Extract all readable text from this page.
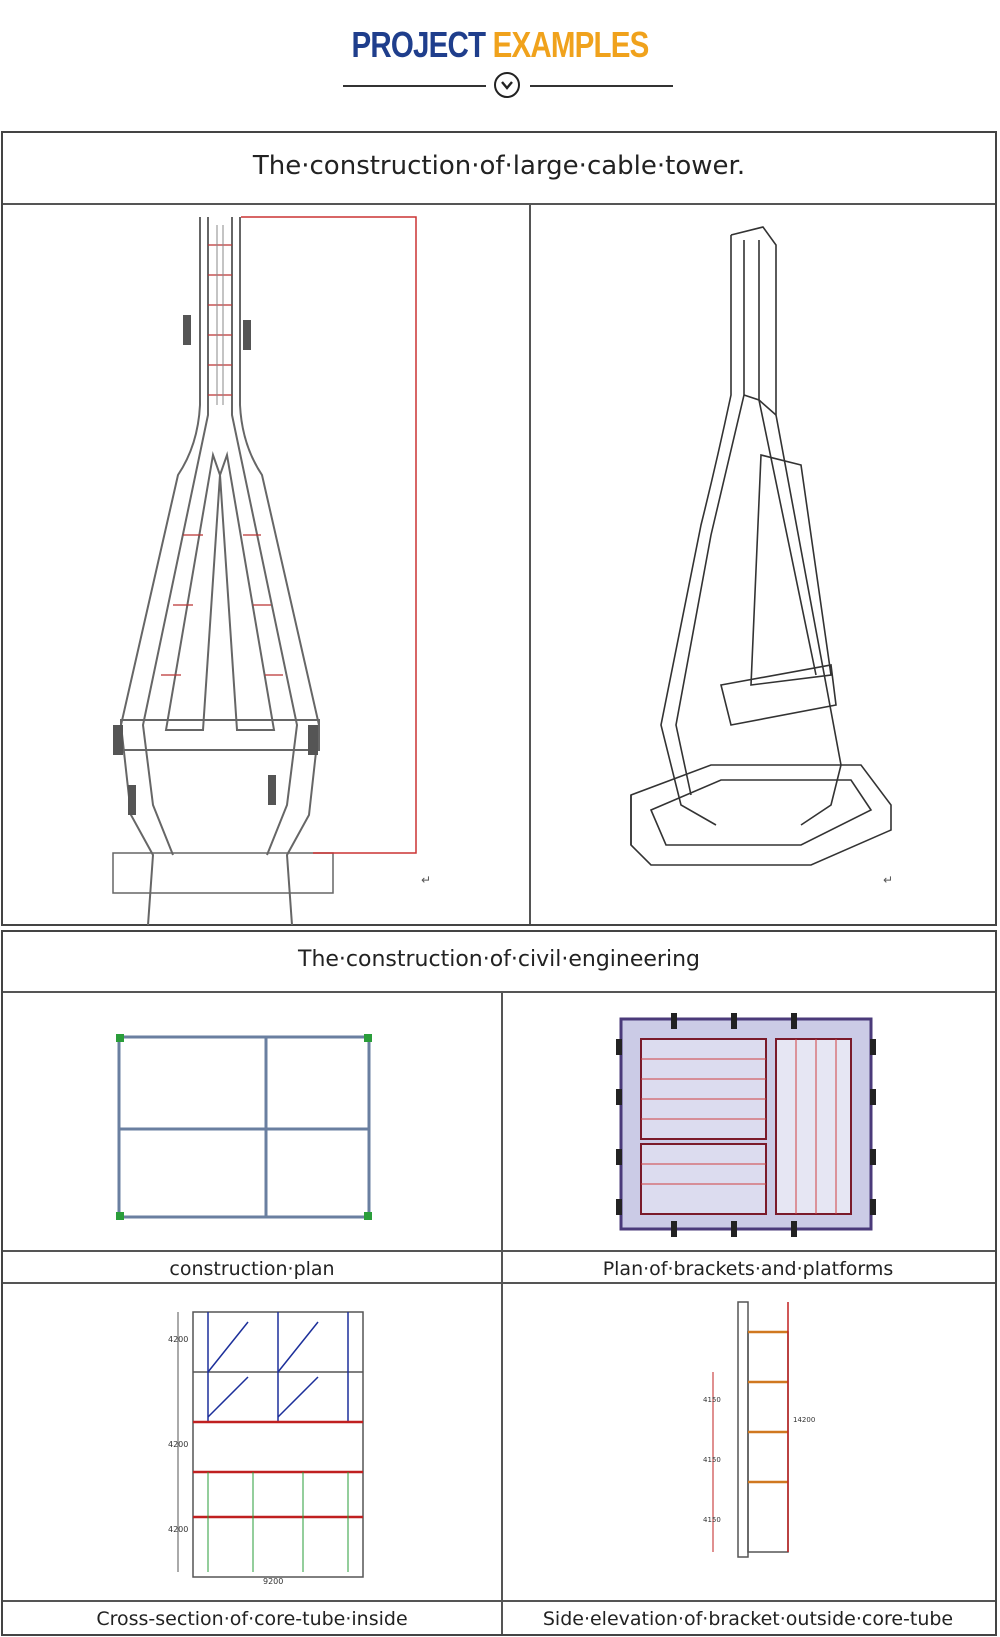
PROJECT EXAMPLES
The·construction·of·large·cable·tower.
↵	↵
The·construction·of·civil·engineering
construction·plan	Plan·of·brackets·and·platforms
4200
4200
4200
9200
Cross-section·of·core-tube·inside
4150
4150
4150
14200
Side·elevation·of·bracket·outside·core-tube
